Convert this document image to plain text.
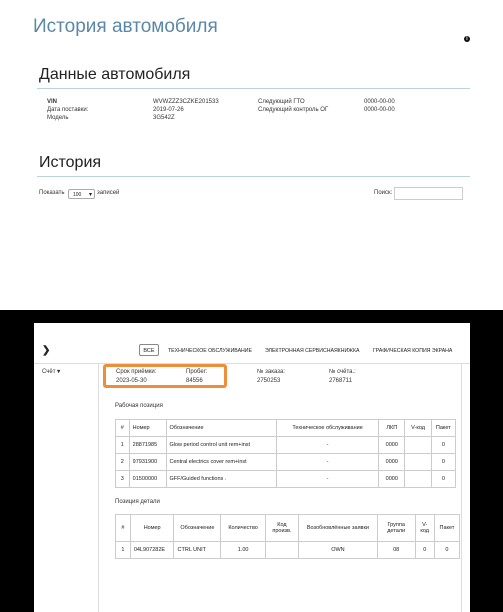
История автомобиля
i
Данные автомобиля
VIN	WVWZZZ3CZKE201533
Дата поставки:	2019-07-26
Модель	3G542Z
Следующий ГТО	0000-00-00
Следующий контроль ОГ	0000-00-00
История
Показать	100 ▾ записей	Поиск:
❯	ВСЕ	ТЕХНИЧЕСКОЕ ОБСЛУЖИВАНИЕ	ЭЛЕКТРОННАЯ СЕРВИСНАЯКНИЖКА	ГРАФИЧЕСКАЯ КОПИЯ ЭКРАНА
Счёт ▾	Срок приёмки:
2023-05-30
Пробег:
84556
№ заказа:
2750253
№ счёта.:
2768711
Рабочая позиция
#	Номер	Обозначение	Техническое обслуживание	ЛКП	V-код	Пакет
1	28871985	Glow period control unit rem+inst	-	0000		0
2	97931900	Central electrics cover rem+inst	-	0000		0
3	01500000	GFF/Guided functions .	-	0000		0
Позиция детали
#	Номер	Обозначение	Количество	Код произв.	Возобновлённые заявки	Группа детали	V-код	Пакет
1	04L907282E	CTRL UNIT	1.00		OWN	08	0	0
